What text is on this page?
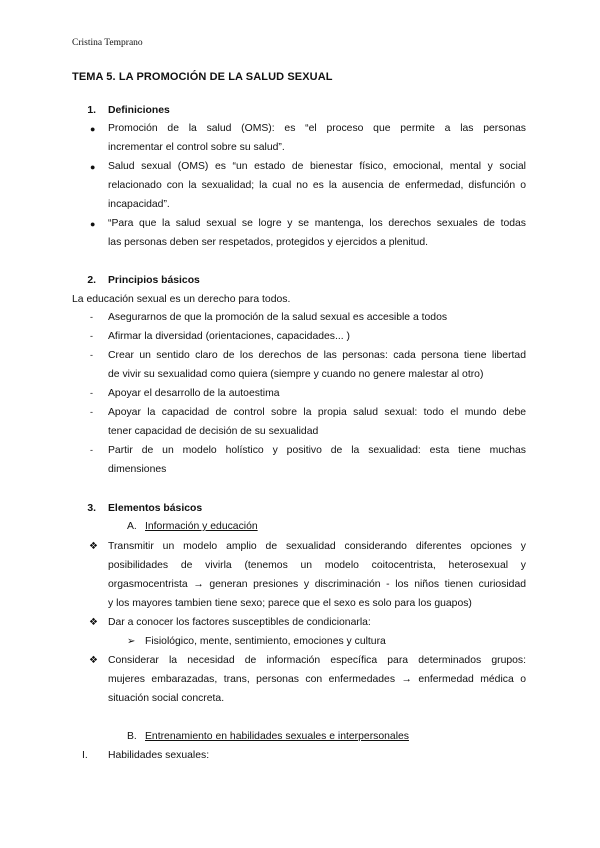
Cristina Temprano
TEMA 5. LA PROMOCIÓN DE LA SALUD SEXUAL
1. Definiciones
● Promoción de la salud (OMS): es “el proceso que permite a las personas
incrementar el control sobre su salud”.
● Salud sexual (OMS) es “un estado de bienestar físico, emocional, mental y social
relacionado con la sexualidad; la cual no es la ausencia de enfermedad, disfunción o
incapacidad”.
● “Para que la salud sexual se logre y se mantenga, los derechos sexuales de todas
las personas deben ser respetados, protegidos y ejercidos a plenitud.
2. Principios básicos
La educación sexual es un derecho para todos.
- Asegurarnos de que la promoción de la salud sexual es accesible a todos
- Afirmar la diversidad (orientaciones, capacidades... )
- Crear un sentido claro de los derechos de las personas: cada persona tiene libertad
de vivir su sexualidad como quiera (siempre y cuando no genere malestar al otro)
- Apoyar el desarrollo de la autoestima
- Apoyar la capacidad de control sobre la propia salud sexual: todo el mundo debe
tener capacidad de decisión de su sexualidad
- Partir de un modelo holístico y positivo de la sexualidad: esta tiene muchas
dimensiones
3. Elementos básicos
A. Información y educación
❖ Transmitir un modelo amplio de sexualidad considerando diferentes opciones y
posibilidades de vivirla (tenemos un modelo coitocentrista, heterosexual y
orgasmocentrista → generan presiones y discriminación - los niños tienen curiosidad
y los mayores tambien tiene sexo; parece que el sexo es solo para los guapos)
❖ Dar a conocer los factores susceptibles de condicionarla:
➢ Fisiológico, mente, sentimiento, emociones y cultura
❖ Considerar la necesidad de información específica para determinados grupos:
mujeres embarazadas, trans, personas con enfermedades → enfermedad médica o
situación social concreta.
B. Entrenamiento en habilidades sexuales e interpersonales
I. Habilidades sexuales:
